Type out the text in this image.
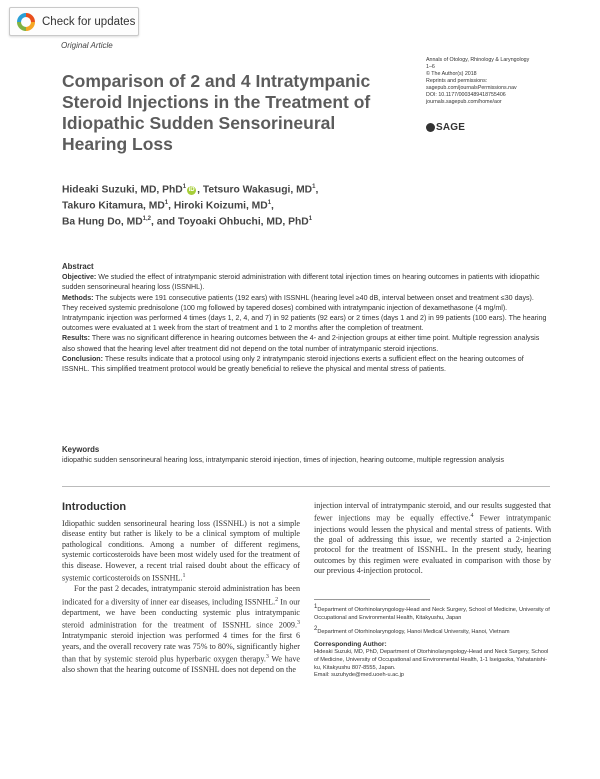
Check for updates
Original Article
Comparison of 2 and 4 Intratympanic Steroid Injections in the Treatment of Idiopathic Sudden Sensorineural Hearing Loss
Annals of Otology, Rhinology & Laryngology
1–6
© The Author(s) 2018
Reprints and permissions:
sagepub.com/journalsPermissions.nav
DOI: 10.1177/0003489418755406
journals.sagepub.com/home/aor
SAGE
Hideaki Suzuki, MD, PhD$^1$iD , Tetsuro Wakasugi, $MD^1$,
Takuro Kitamura, $MD^1$, Hiroki Koizumi, $MD^1$,
Ba Hung Do, MD$^{1,2}$, and Toyoaki Ohbuchi, MD, PhD$^1$
Abstract

Objective: We studied the effect of intratympanic steroid administration with different total injection times on hearing outcomes in patients with idiopathic sudden sensorineural hearing loss (ISSNHL).

Methods: The subjects were 191 consecutive patients (192 ears) with ISSNHL (hearing level ≥40 dB, interval between onset and treatment ≤30 days). They received systemic prednisolone (100 mg followed by tapered doses) combined with intratympanic injection of dexamethasone (4 mg/ml). Intratympanic injection was performed 4 times (days 1, 2, 4, and 7) in 92 patients (92 ears) or 2 times (days 1 and 2) in 99 patients (100 ears). The hearing outcomes were evaluated at 1 week from the start of treatment and 1 to 2 months after the completion of treatment.

Results: There was no significant difference in hearing outcomes between the 4- and 2-injection groups at either time point. Multiple regression analysis also showed that the hearing level after treatment did not depend on the total number of intratympanic steroid injections.

Conclusion: These results indicate that a protocol using only 2 intratympanic steroid injections exerts a sufficient effect on the hearing outcomes of ISSNHL. This simplified treatment protocol would be greatly beneficial to relieve the physical and mental stress of patients.

Keywords
idiopathic sudden sensorineural hearing loss, intratympanic steroid injection, times of injection, hearing outcome, multiple regression analysis
Introduction

Idiopathic sudden sensorineural hearing loss (ISSNHL) is not a simple disease entity but rather is likely to be a clinical symptom of multiple pathological conditions. Among a number of different regimens, systemic corticosteroids have been most widely used for the treatment of this disease. However, a recent trial raised doubt about the efficacy of systemic corticosteroids on ISSNHL.$^1$

For the past 2 decades, intratympanic steroid administration has been indicated for a diversity of inner ear diseases, including ISSNHL.$^2$ In our department, we have been conducting systemic plus intratympanic steroid administration for the treatment of ISSNHL since 2009.$^3$ Intratympanic steroid injection was performed 4 times for the first 6 years, and the overall recovery rate was 75% to 80%, significantly higher than that by systemic steroid plus hyperbaric oxygen therapy.$^3$ We have also shown that the hearing outcome of ISSNHL does not depend on the

injection interval of intratympanic steroid, and our results suggested that fewer injections may be equally effective.$^4$ Fewer intratympanic injections would lessen the physical and mental stress of patients. With the goal of addressing this issue, we recently started a 2-injection protocol for the treatment of ISSNHL. In the present study, hearing outcomes by this regimen were evaluated in comparison with those by our previous 4-injection protocol.

$^1$Department of Otorhinolaryngology-Head and Neck Surgery, School of Medicine, University of Occupational and Environmental Health, Kitakyushu, Japan

$^2$Department of Otorhinolaryngology, Hanoi Medical University, Hanoi, Vietnam

Corresponding Author:
Hideaki Suzuki, MD, PhD, Department of Otorhinolaryngology-Head and Neck Surgery, School of Medicine, University of Occupational and Environmental Health, 1-1 Iseigaoka, Yahatanishi-ku, Kitakyushu 807-8555, Japan.
Email: suzuhyde@med.uoeh-u.ac.jp
